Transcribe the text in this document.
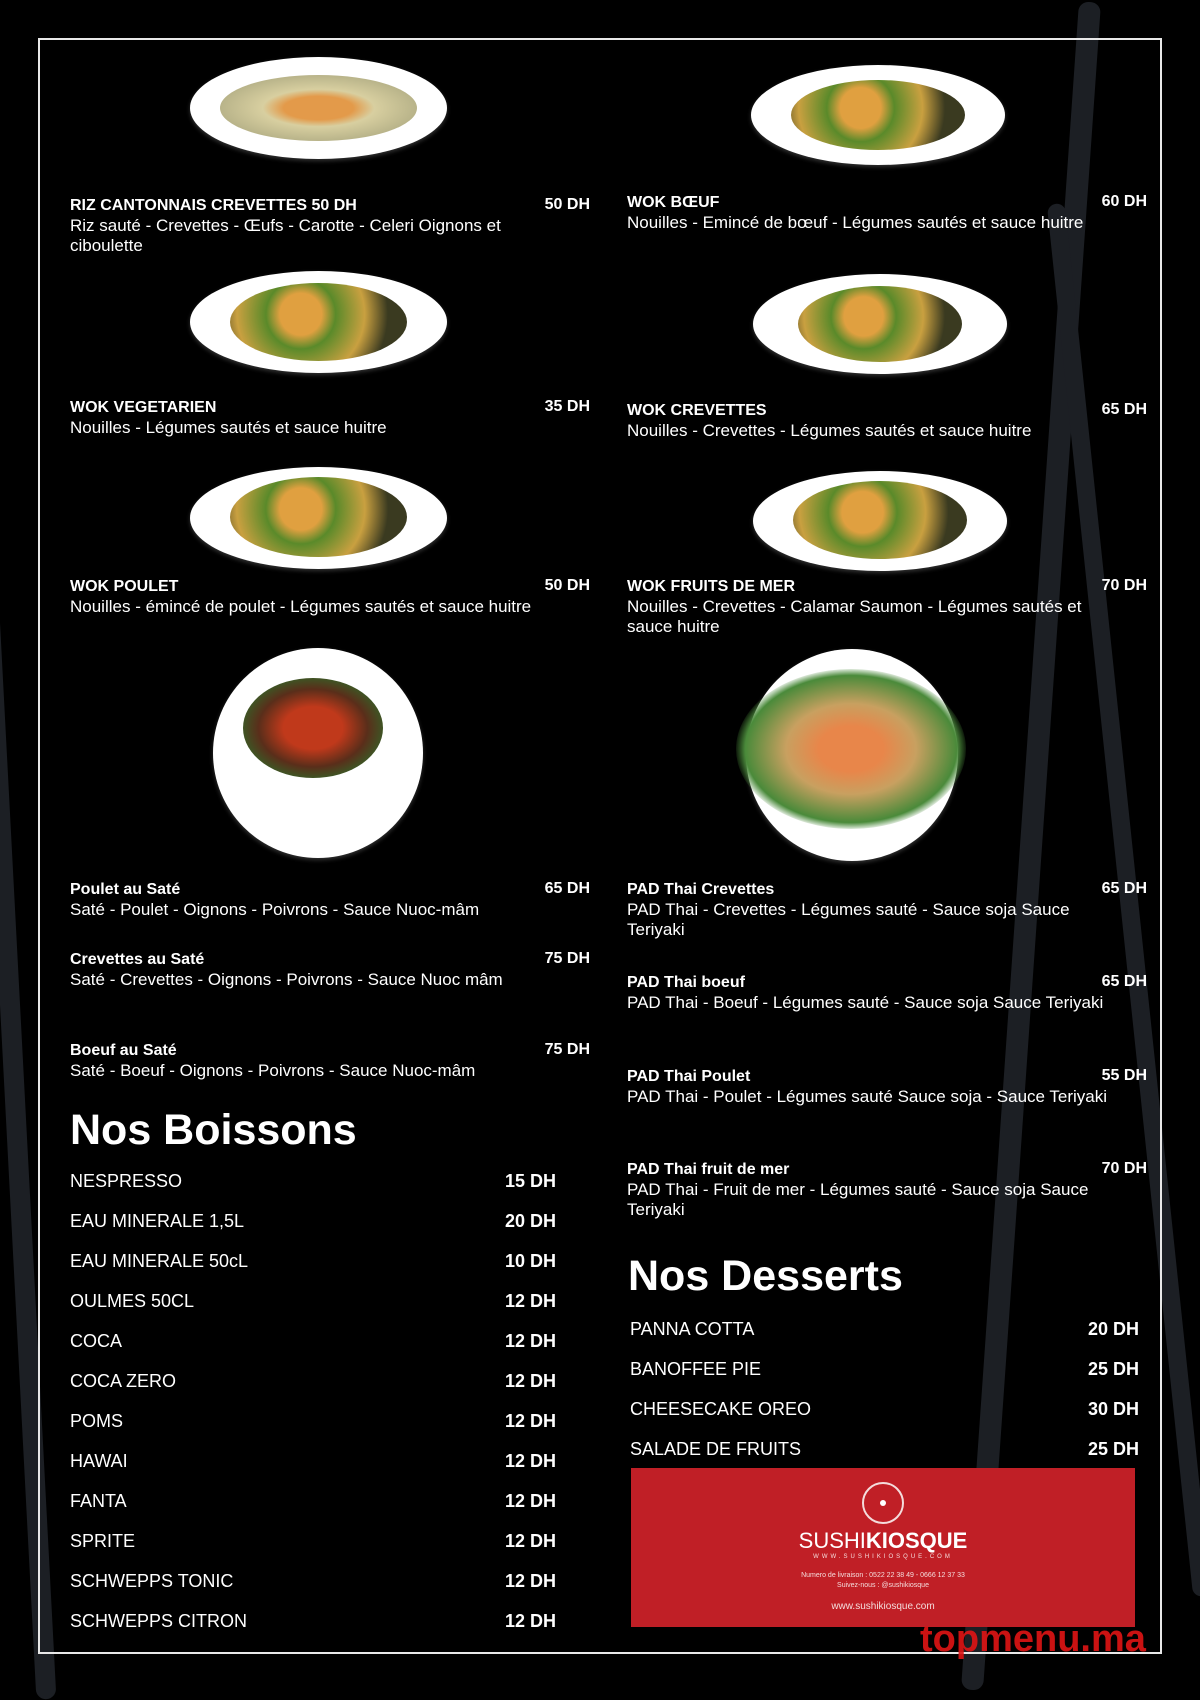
RIZ CANTONNAIS CREVETTES 50 DH	50 DH
Riz sauté - Crevettes - Œufs - Carotte - Celeri Oignons et ciboulette
WOK VEGETARIEN	35 DH
Nouilles - Légumes sautés et sauce huitre
WOK POULET	50 DH
Nouilles - émincé de poulet - Légumes sautés et sauce huitre
Poulet au Saté	65 DH
Saté - Poulet - Oignons - Poivrons - Sauce Nuoc-mâm
Crevettes au Saté	75 DH
Saté - Crevettes - Oignons - Poivrons - Sauce Nuoc mâm
Boeuf au Saté	75 DH
Saté - Boeuf - Oignons - Poivrons - Sauce Nuoc-mâm
WOK BŒUF	60 DH
Nouilles - Emincé de bœuf - Légumes sautés et sauce huitre
WOK CREVETTES	65 DH
Nouilles - Crevettes - Légumes sautés et sauce huitre
WOK FRUITS DE MER	70 DH
Nouilles - Crevettes - Calamar Saumon - Légumes sautés et sauce huitre
PAD Thai Crevettes	65 DH
PAD Thai - Crevettes - Légumes sauté - Sauce soja Sauce Teriyaki
PAD Thai boeuf	65 DH
PAD Thai - Boeuf - Légumes sauté - Sauce soja Sauce Teriyaki
PAD Thai Poulet	55 DH
PAD Thai - Poulet - Légumes sauté Sauce soja - Sauce Teriyaki
PAD Thai fruit de mer	70 DH
PAD Thai - Fruit de mer - Légumes sauté - Sauce soja Sauce Teriyaki
Nos Boissons
NESPRESSO	15 DH
EAU MINERALE 1,5L	20 DH
EAU MINERALE 50cL	10 DH
OULMES 50CL	12 DH
COCA	12 DH
COCA ZERO	12 DH
POMS	12 DH
HAWAI	12 DH
FANTA	12 DH
SPRITE	12 DH
SCHWEPPS TONIC	12 DH
SCHWEPPS CITRON	12 DH
Nos Desserts
PANNA COTTA	20 DH
BANOFFEE PIE	25 DH
CHEESECAKE OREO	30 DH
SALADE DE FRUITS	25 DH
SUSHIKIOSQUE
WWW.SUSHIKIOSQUE.COM
Numero de livraison : 0522 22 38 49 - 0666 12 37 33
Suivez-nous : @sushikiosque
www.sushikiosque.com
topmenu.ma
